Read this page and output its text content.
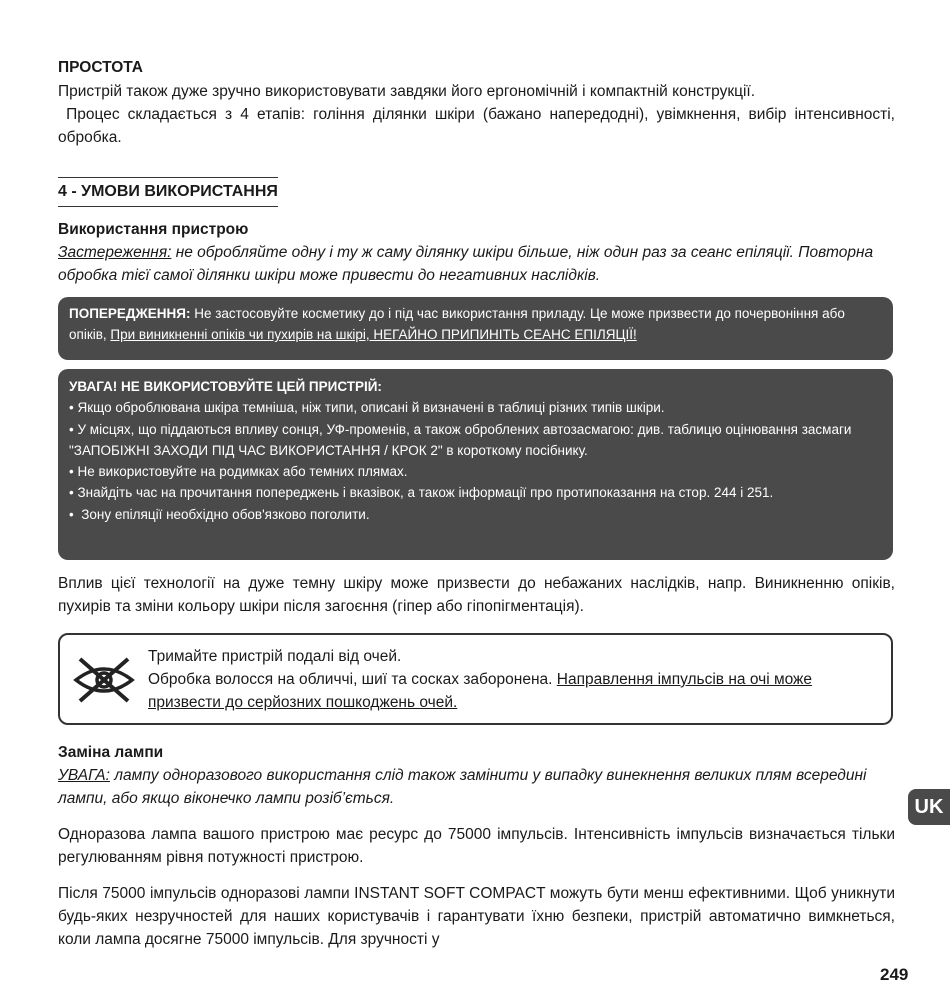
ПРОСТОТА
Пристрій також дуже зручно використовувати завдяки його ергономічній і компактній конструкції.
Процес складається з 4 етапів: гоління ділянки шкіри (бажано напередодні), увімкнення, вибір інтенсивності, обробка.
4 - УМОВИ ВИКОРИСТАННЯ
Використання пристрою
Застереження: не обробляйте одну і ту ж саму ділянку шкіри більше, ніж один раз за сеанс епіляції. Повторна обробка тієї самої ділянки шкіри може привести до негативних наслідків.
ПОПЕРЕДЖЕННЯ: Не застосовуйте косметику до і під час використання приладу. Це може призвести до почервоніння або опіків, При виникненні опіків чи пухирів на шкірі, НЕГАЙНО ПРИПИНІТЬ СЕАНС ЕПІЛЯЦІЇ!
УВАГА! НЕ ВИКОРИСТОВУЙТЕ ЦЕЙ ПРИСТРІЙ:
• Якщо оброблювана шкіра темніша, ніж типи, описані й визначені в таблиці різних типів шкіри.
• У місцях, що піддаються впливу сонця, УФ-променів, а також оброблених автозасмагою: див. таблицю оцінювання засмаги "ЗАПОБІЖНІ ЗАХОДИ ПІД ЧАС ВИКОРИСТАННЯ / КРОК 2" в короткому посібнику.
• Не використовуйте на родимках або темних плямах.
• Знайдіть час на прочитання попереджень і вказівок, а також інформації про протипоказання на стор. 244 і 251.
•  Зону епіляції необхідно обов'язково поголити.
Вплив цієї технології на дуже темну шкіру може призвести до небажаних наслідків, напр. Виникненню опіків, пухирів та зміни кольору шкіри після загоєння (гіпер або гіпопігментація).
Тримайте пристрій подалі від очей.
Обробка волосся на обличчі, шиї та сосках заборонена. Направлення імпульсів на очі може призвести до серйозних пошкоджень очей.
Заміна лампи
УВАГА: лампу одноразового використання слід також замінити у випадку винекнення великих плям всередині лампи, або якщо віконечко лампи розіб’ється.
Одноразова лампа вашого пристрою має ресурс до 75000 імпульсів. Інтенсивність імпульсів визначається тільки регулюванням рівня потужності пристрою.
Після 75000 імпульсів одноразові лампи INSTANT SOFT COMPACT можуть бути менш ефективними. Щоб уникнути будь-яких незручностей для наших користувачів і гарантувати їхню безпеки, пристрій автоматично вимкнеться, коли лампа досягне 75000 імпульсів. Для зручності у
UK
249
